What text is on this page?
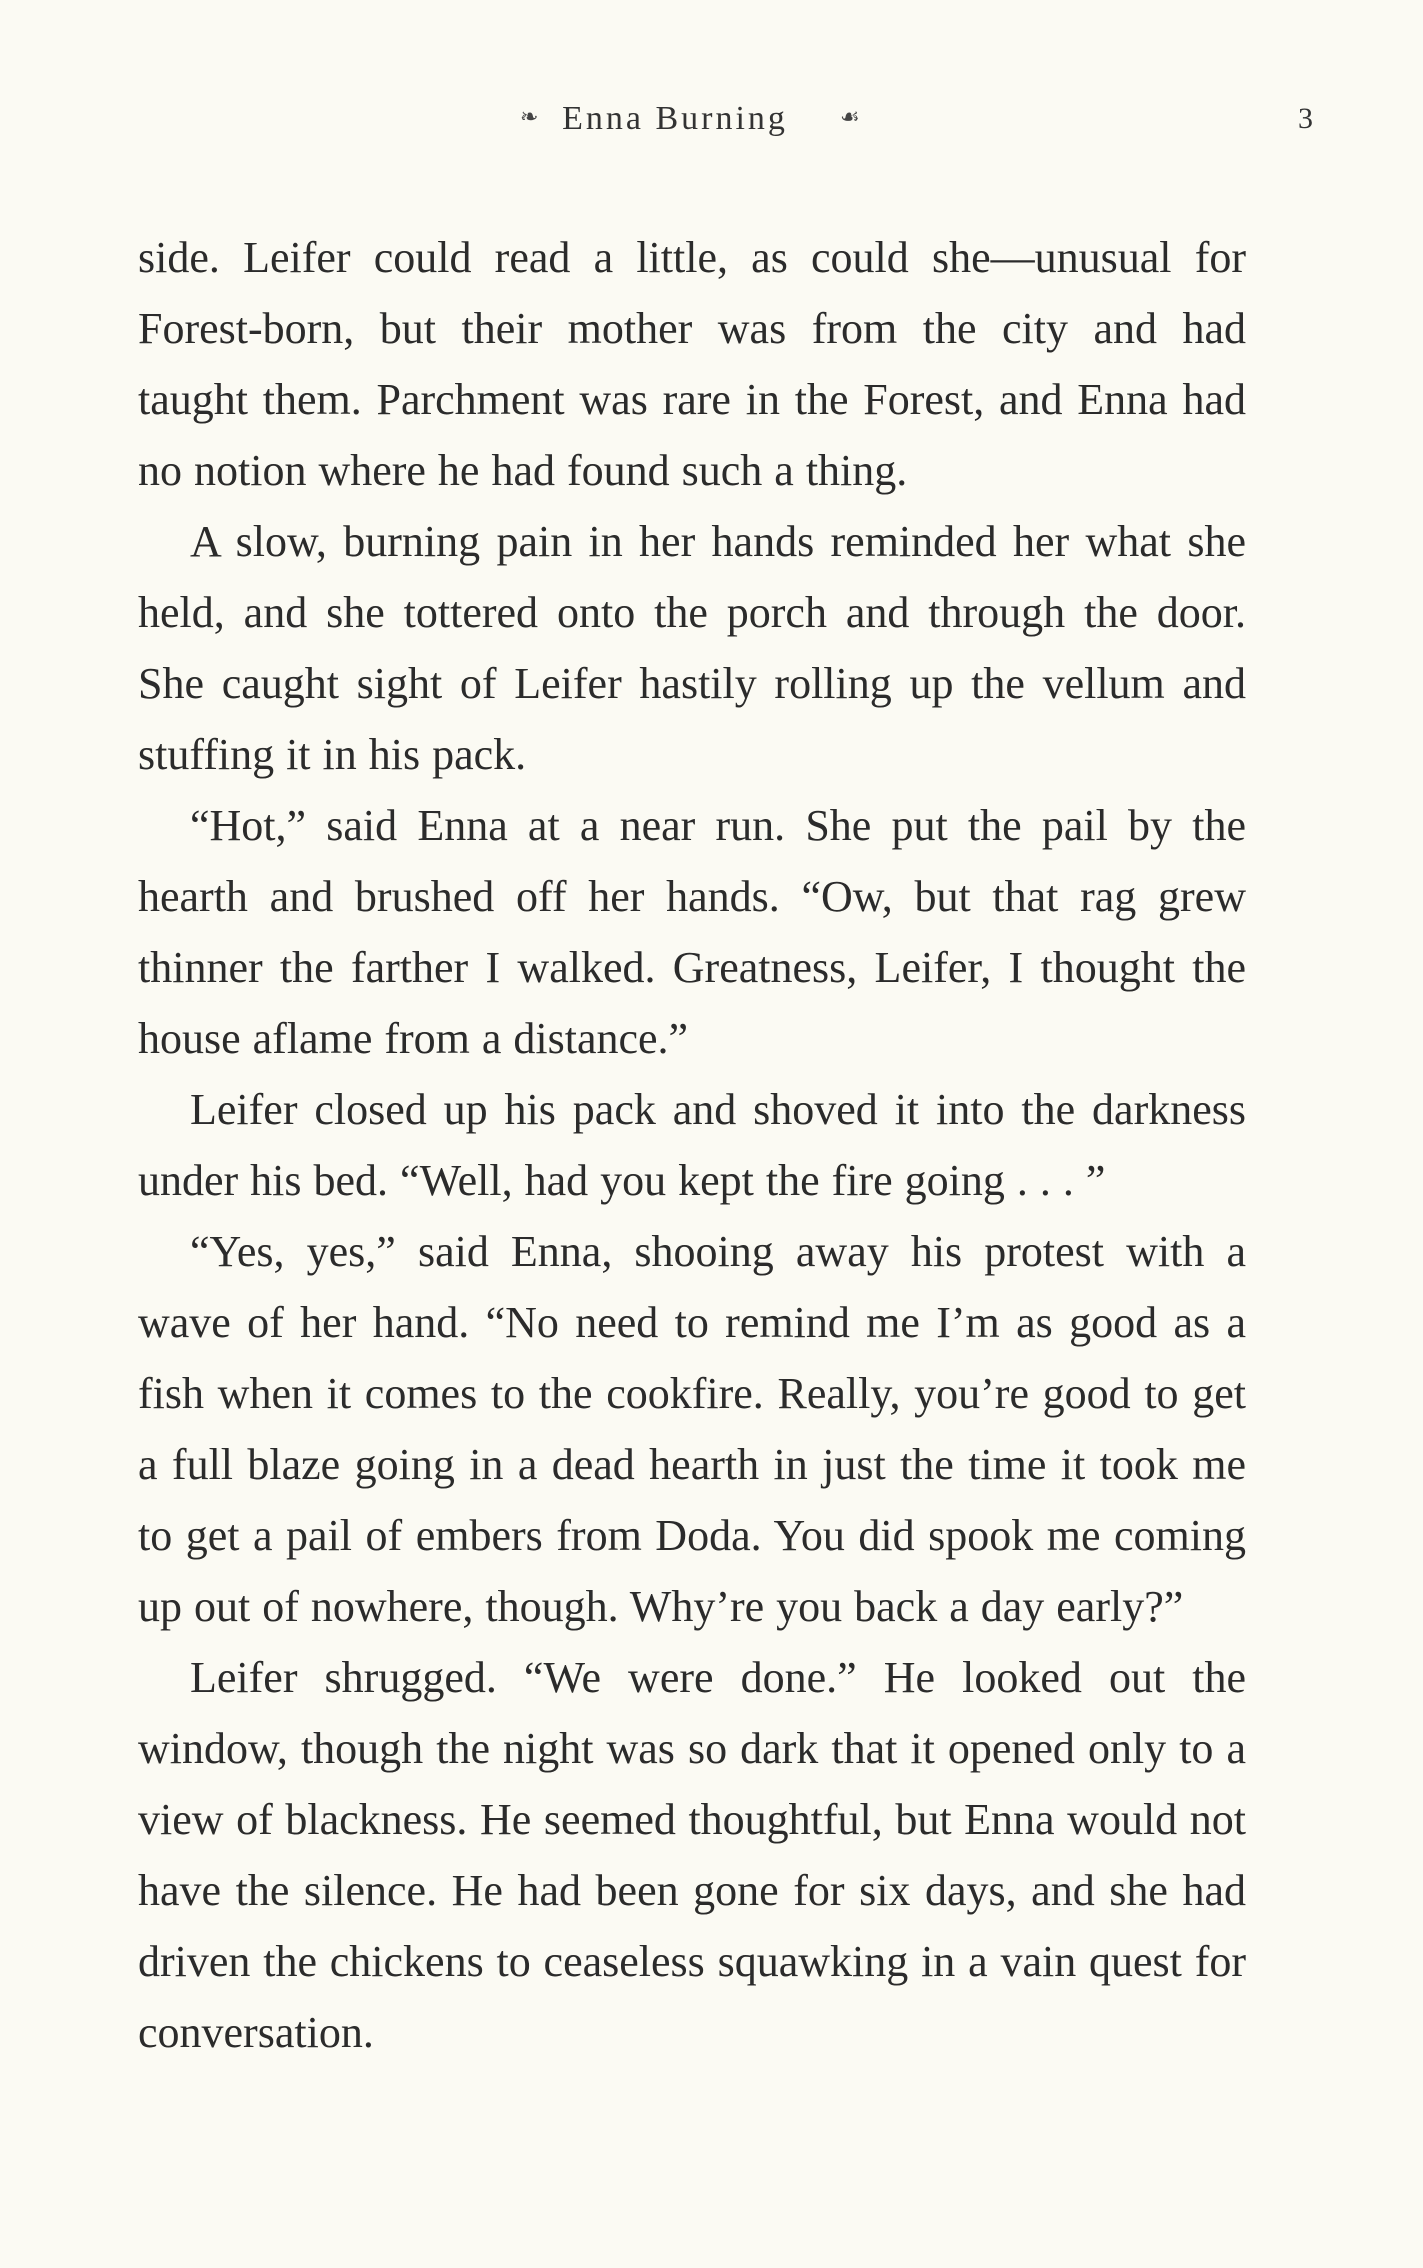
❧ Enna Burning	☙	3

side. Leifer could read a little, as could she—unusual for Forest-born, but their mother was from the city and had taught them. Parchment was rare in the Forest, and Enna had no notion where he had found such a thing.

A slow, burning pain in her hands reminded her what she held, and she tottered onto the porch and through the door. She caught sight of Leifer hastily rolling up the vellum and stuffing it in his pack.

“Hot,” said Enna at a near run. She put the pail by the hearth and brushed off her hands. “Ow, but that rag grew thinner the farther I walked. Greatness, Leifer, I thought the house aflame from a distance.”

Leifer closed up his pack and shoved it into the darkness under his bed. “Well, had you kept the fire going . . . ”

“Yes, yes,” said Enna, shooing away his protest with a wave of her hand. “No need to remind me I’m as good as a fish when it comes to the cookfire. Really, you’re good to get a full blaze going in a dead hearth in just the time it took me to get a pail of embers from Doda. You did spook me coming up out of nowhere, though. Why’re you back a day early?”

Leifer shrugged. “We were done.” He looked out the window, though the night was so dark that it opened only to a view of blackness. He seemed thoughtful, but Enna would not have the silence. He had been gone for six days, and she had driven the chickens to ceaseless squawking in a vain quest for conversation.
